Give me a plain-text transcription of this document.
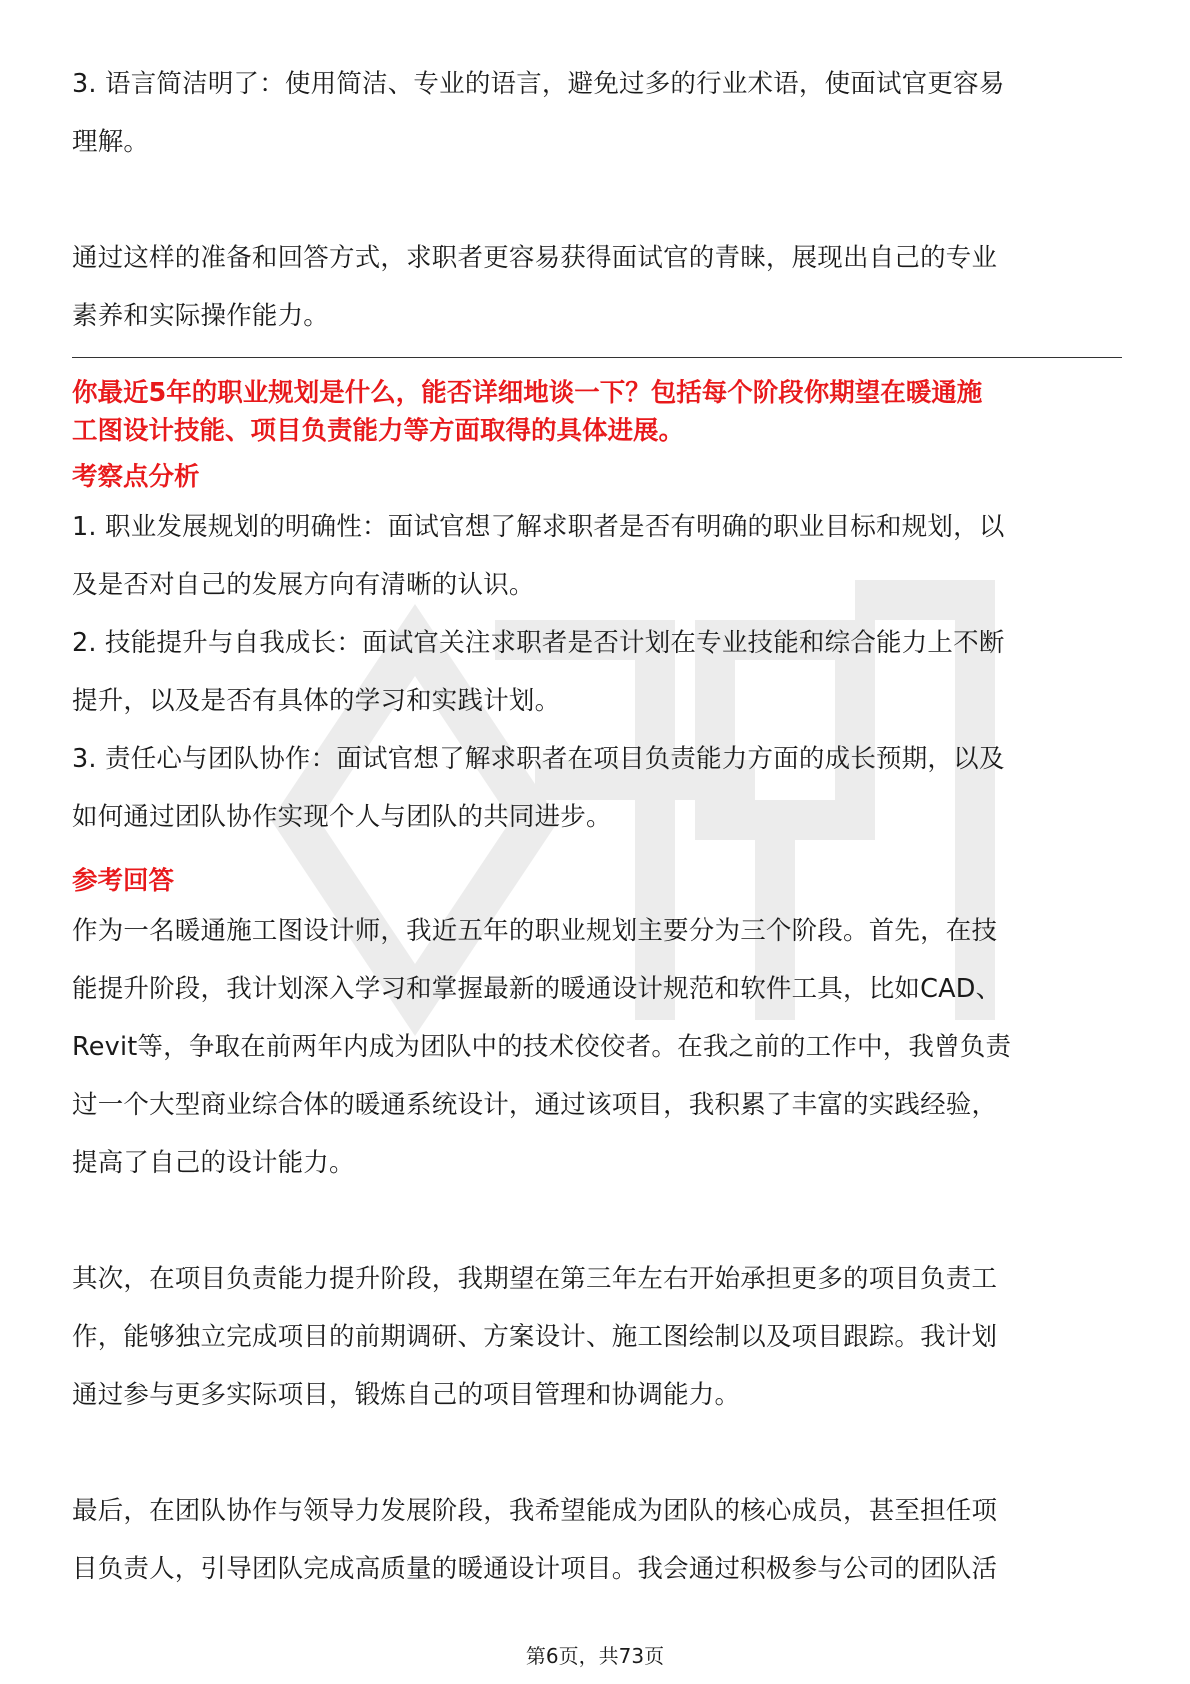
3. 语言简洁明了：使用简洁、专业的语言，避免过多的行业术语，使面试官更容易

理解。

通过这样的准备和回答方式，求职者更容易获得面试官的青睐，展现出自己的专业

素养和实际操作能力。

你最近5年的职业规划是什么，能否详细地谈一下？包括每个阶段你期望在暖通施

工图设计技能、项目负责能力等方面取得的具体进展。

考察点分析

1. 职业发展规划的明确性：面试官想了解求职者是否有明确的职业目标和规划，以

及是否对自己的发展方向有清晰的认识。

2. 技能提升与自我成长：面试官关注求职者是否计划在专业技能和综合能力上不断

提升，以及是否有具体的学习和实践计划。

3. 责任心与团队协作：面试官想了解求职者在项目负责能力方面的成长预期，以及

如何通过团队协作实现个人与团队的共同进步。

参考回答

作为一名暖通施工图设计师，我近五年的职业规划主要分为三个阶段。首先，在技

能提升阶段，我计划深入学习和掌握最新的暖通设计规范和软件工具，比如CAD、

Revit等，争取在前两年内成为团队中的技术佼佼者。在我之前的工作中，我曾负责

过一个大型商业综合体的暖通系统设计，通过该项目，我积累了丰富的实践经验，

提高了自己的设计能力。

其次，在项目负责能力提升阶段，我期望在第三年左右开始承担更多的项目负责工

作，能够独立完成项目的前期调研、方案设计、施工图绘制以及项目跟踪。我计划

通过参与更多实际项目，锻炼自己的项目管理和协调能力。

最后，在团队协作与领导力发展阶段，我希望能成为团队的核心成员，甚至担任项

目负责人，引导团队完成高质量的暖通设计项目。我会通过积极参与公司的团队活

第6页，共73页
